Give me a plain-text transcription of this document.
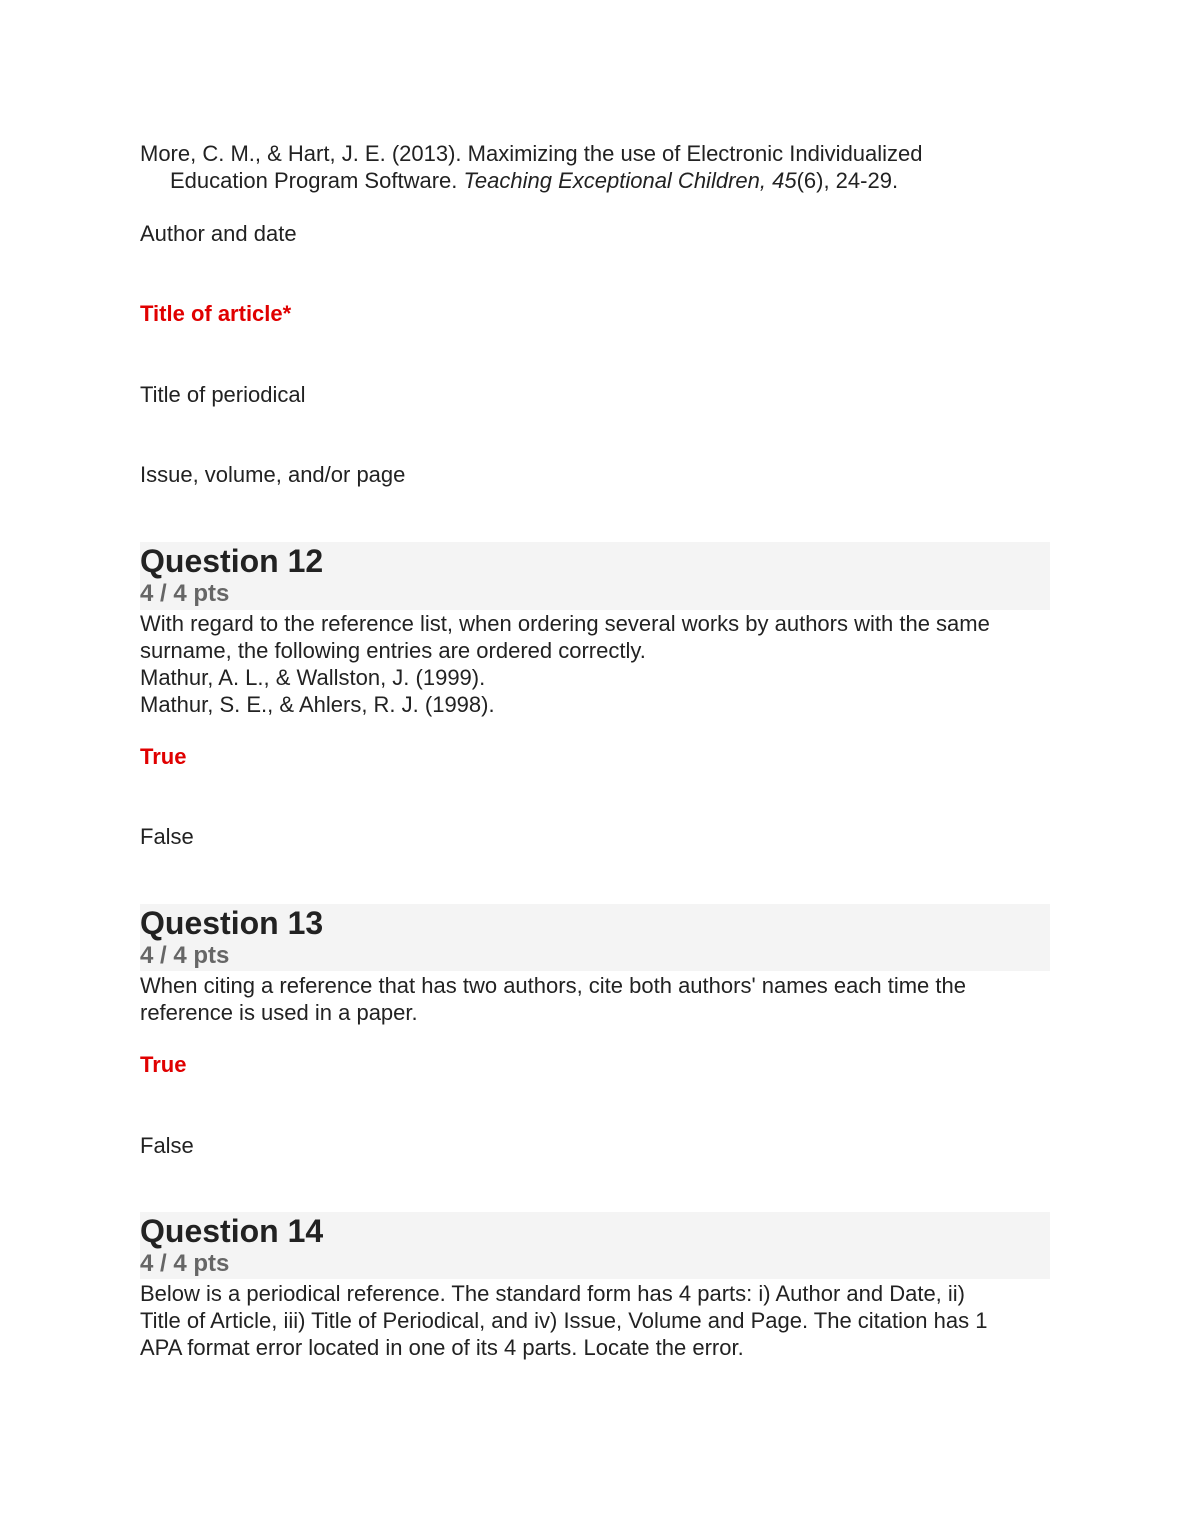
More, C. M., & Hart, J. E. (2013). Maximizing the use of Electronic Individualized
Education Program Software. Teaching Exceptional Children, 45(6), 24-29.
Author and date
Title of article*
Title of periodical
Issue, volume, and/or page
Question 12
4 / 4 pts
With regard to the reference list, when ordering several works by authors with the same
surname, the following entries are ordered correctly.
Mathur, A. L., & Wallston, J. (1999).
Mathur, S. E., & Ahlers, R. J. (1998).
True
False
Question 13
4 / 4 pts
When citing a reference that has two authors, cite both authors' names each time the
reference is used in a paper.
True
False
Question 14
4 / 4 pts
Below is a periodical reference. The standard form has 4 parts: i) Author and Date, ii)
Title of Article, iii) Title of Periodical, and iv) Issue, Volume and Page. The citation has 1
APA format error located in one of its 4 parts. Locate the error.
